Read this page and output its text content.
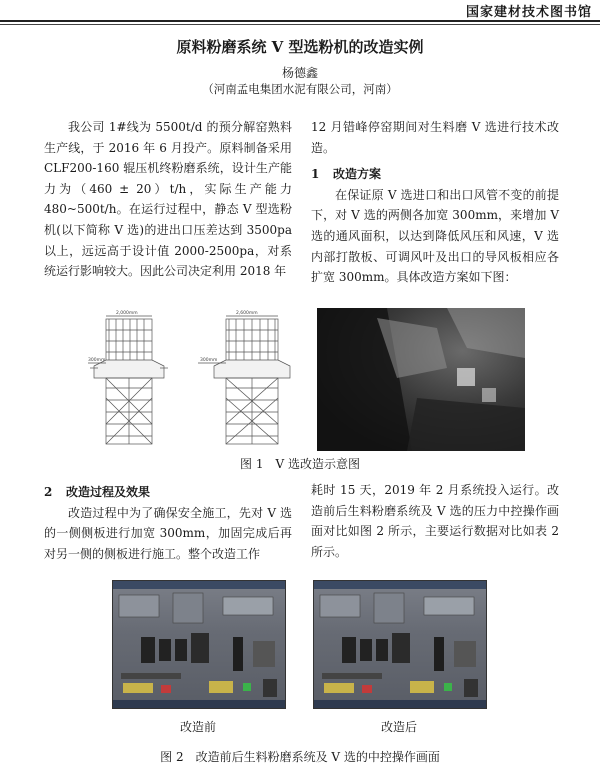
国家建材技术图书馆
原料粉磨系统 V 型选粉机的改造实例
杨德鑫
（河南孟电集团水泥有限公司，河南）

我公司 1#线为 5500t/d 的预分解窑熟料生产线，于 2016 年 6 月投产。原料制备采用 CLF200-160 辊压机终粉磨系统，设计生产能力为（460 ± 20）t/h，实际生产能力 480~500t/h。在运行过程中，静态 V 型选粉机(以下简称 V 选)的进出口压差达到 3500pa 以上，远远高于设计值 2000-2500pa，对系统运行影响较大。因此公司决定利用 2018 年

12 月错峰停窑期间对生料磨 V 选进行技术改造。

1 改造方案

在保证原 V 选进口和出口风管不变的前提下，对 V 选的两侧各加宽 300mm，来增加 V 选的通风面积，以达到降低风压和风速，V 选内部打散板、可调风叶及出口的导风板相应各扩宽 300mm。具体改造方案如下图：

2,000mm	2,600mm
300mm	300mm
图 1　V 选改造示意图

2 改造过程及效果

改造过程中为了确保安全施工，先对 V 选的一侧侧板进行加宽 300mm，加固完成后再对另一侧的侧板进行施工。整个改造工作

耗时 15 天，2019 年 2 月系统投入运行。改造前后生料粉磨系统及 V 选的压力中控操作画面对比如图 2 所示，主要运行数据对比如表 2 所示。

改造前	改造后
图 2　改造前后生料粉磨系统及 V 选的中控操作画面
